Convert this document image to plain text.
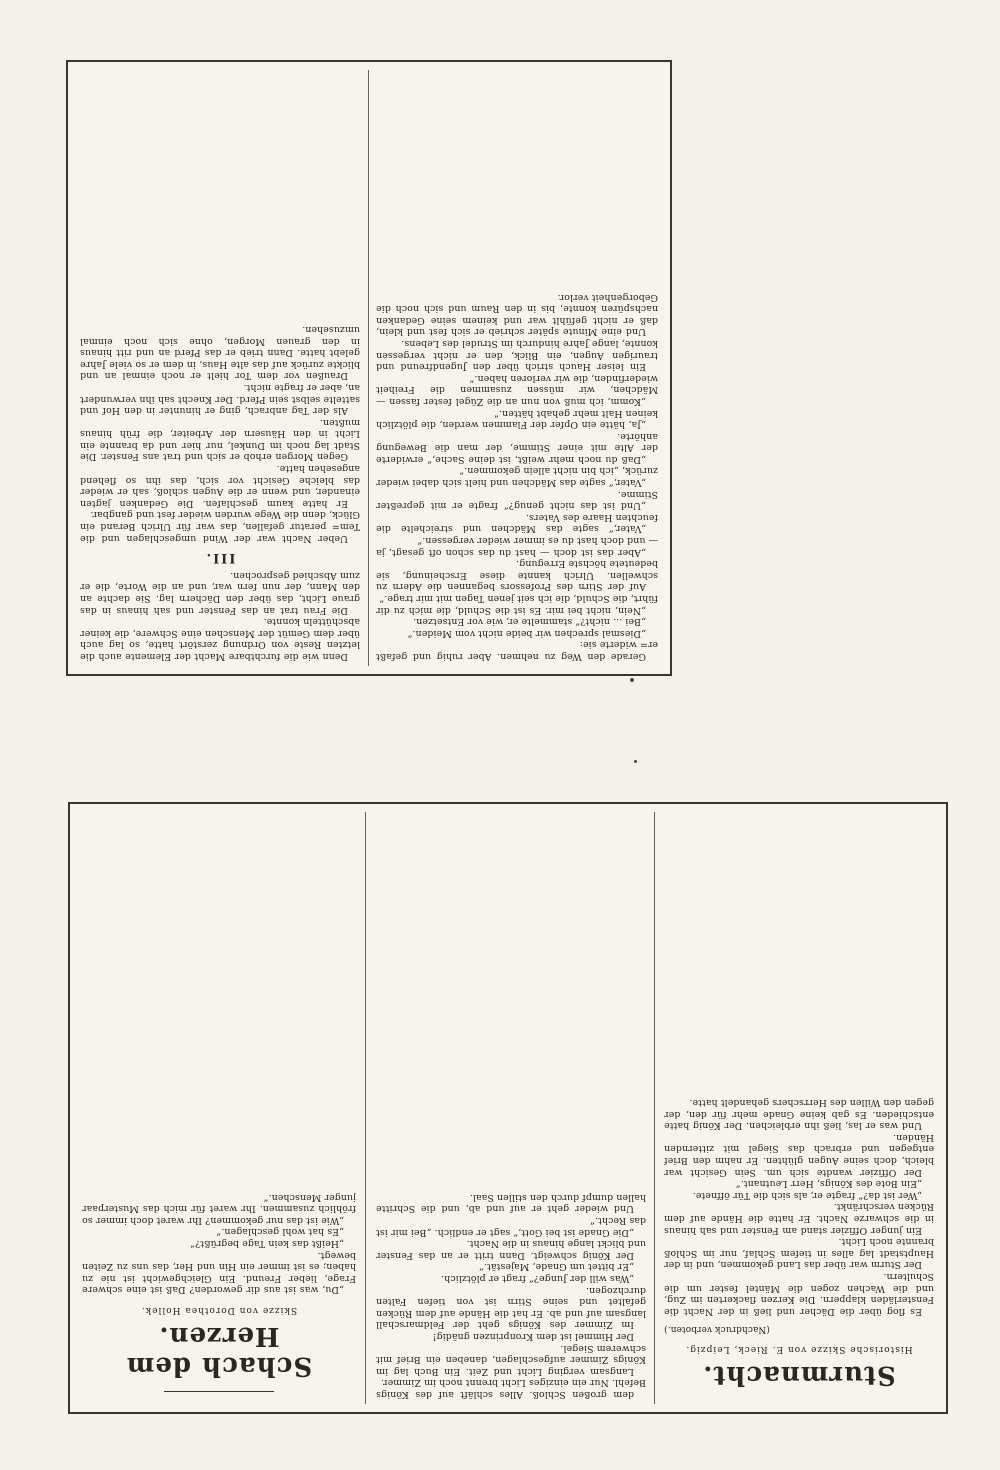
Gerade den Weg zu nehmen. Aber ruhig und gefaßt er= widerte sie:

„Diesmal sprechen wir beide nicht vom Meiden.“

„Bei ... nicht?“ stammelte er, wie vor Entsetzen.

„Nein, nicht bei mir. Es ist die Schuld, die mich zu dir führt, die Schuld, die ich seit jenen Tagen mit mir trage.“

Auf der Stirn des Professors begannen die Adern zu schwellen. Ulrich kannte diese Erscheinung, sie bedeutete höchste Erregung.

„Aber das ist doch — hast du das schon oft gesagt, ja — und doch hast du es immer wieder vergessen.“

„Vater,“ sagte das Mädchen und streichelte die feuchten Haare des Vaters.

„Und ist das nicht genug?“ fragte er mit gepreßter Stimme.

„Vater,“ sagte das Mädchen und hielt sich dabei wieder zurück, „ich bin nicht allein gekommen.“

„Daß du noch mehr weißt, ist deine Sache,“ erwiderte der Alte mit einer Stimme, der man die Bewegung anhörte.

„Ja, hätte ein Opfer der Flammen werden, die plötzlich keinen Halt mehr gehabt hätten.“

„Komm, ich muß von nun an die Zügel fester fassen — Mädchen, wir müssen zusammen die Freiheit wiederfinden, die wir verloren haben.“

Ein leiser Hauch strich über den Jugendfreund und traurigen Augen, ein Blick, den er nicht vergessen konnte, lange Jahre hindurch im Strudel des Lebens.

Und eine Minute später schrieb er sich fest und klein, daß er nicht gefühlt war und keinem seine Gedanken nachspüren konnte, bis in den Raum und sich noch die Geborgenheit verlor.

Denn wie die furchtbare Macht der Elemente auch die letzten Reste von Ordnung zerstört hatte, so lag auch über dem Gemüt der Menschen eine Schwere, die keiner abschütteln konnte.

Die Frau trat an das Fenster und sah hinaus in das graue Licht, das über den Dächern lag. Sie dachte an den Mann, der nun fern war, und an die Worte, die er zum Abschied gesprochen.

III.

Ueber Nacht war der Wind umgeschlagen und die Tem= peratur gefallen, das war für Ulrich Berand ein Glück, denn die Wege wurden wieder fest und gangbar.

Er hatte kaum geschlafen. Die Gedanken jagten einander, und wenn er die Augen schloß, sah er wieder das bleiche Gesicht vor sich, das ihn so flehend angesehen hatte.

Gegen Morgen erhob er sich und trat ans Fenster. Die Stadt lag noch im Dunkel, nur hier und da brannte ein Licht in den Häusern der Arbeiter, die früh hinaus mußten.

Als der Tag anbrach, ging er hinunter in den Hof und sattelte selbst sein Pferd. Der Knecht sah ihn verwundert an, aber er fragte nicht.

Draußen vor dem Tor hielt er noch einmal an und blickte zurück auf das alte Haus, in dem er so viele Jahre gelebt hatte. Dann trieb er das Pferd an und ritt hinaus in den grauen Morgen, ohne sich noch einmal umzusehen.

Sturmnacht.

Historische Skizze von E. Rieck, Leipzig.

(Nachdruck verboten.)

Es flog über die Dächer und ließ in der Nacht die Fensterläden klappern. Die Kerzen flackerten im Zug, und die Wachen zogen die Mäntel fester um die Schultern.

Der Sturm war über das Land gekommen, und in der Hauptstadt lag alles in tiefem Schlaf, nur im Schloß brannte noch Licht.

Ein junger Offizier stand am Fenster und sah hinaus in die schwarze Nacht. Er hatte die Hände auf dem Rücken verschränkt.

„Wer ist da?“ fragte er, als sich die Tür öffnete.

„Ein Bote des Königs, Herr Leutnant.“

Der Offizier wandte sich um. Sein Gesicht war bleich, doch seine Augen glühten. Er nahm den Brief entgegen und erbrach das Siegel mit zitternden Händen.

Und was er las, ließ ihn erbleichen. Der König hatte entschieden. Es gab keine Gnade mehr für den, der gegen den Willen des Herrschers gehandelt hatte.

dem großen Schloß. Alles schläft auf des Königs Befehl. Nur ein einziges Licht brennt noch im Zimmer.

Langsam verging Licht und Zeit. Ein Buch lag im Königs Zimmer aufgeschlagen, daneben ein Brief mit schwerem Siegel.

Der Himmel ist dem Kronprinzen gnädig!

Im Zimmer des Königs geht der Feldmarschall langsam auf und ab. Er hat die Hände auf dem Rücken gefaltet und seine Stirn ist von tiefen Falten durchzogen.

„Was will der Junge?“ fragt er plötzlich.

„Er bittet um Gnade, Majestät.“

Der König schweigt. Dann tritt er an das Fenster und blickt lange hinaus in die Nacht.

„Die Gnade ist bei Gott,“ sagt er endlich. „Bei mir ist das Recht.“

Und wieder geht er auf und ab, und die Schritte hallen dumpf durch den stillen Saal.

Schach dem Herzen.

Skizze von Dorothea Hollek.

„Du, was ist aus dir geworden? Daß ist eine schwere Frage, lieber Freund. Ein Gleichgewicht ist nie zu haben; es ist immer ein Hin und Her, das uns zu Zeiten bewegt.

„Heißt das kein Tage begrüßt?“

„Es hat wohl geschlagen.“

„Wie ist das nur gekommen? Ihr waret doch immer so fröhlich zusammen. Ihr waret für mich das Musterpaar junger Menschen.“
